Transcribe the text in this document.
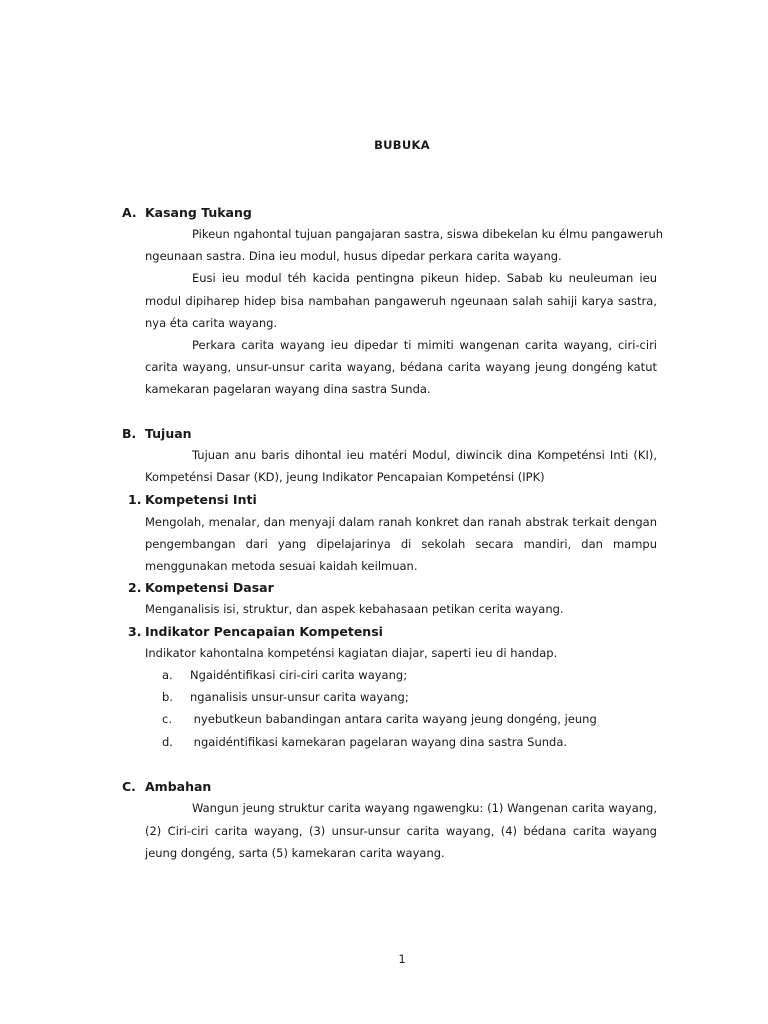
BUBUKA
A. Kasang Tukang
Pikeun ngahontal tujuan pangajaran sastra, siswa dibekelan ku élmu pangaweruh
ngeunaan sastra. Dina ieu modul, husus dipedar perkara carita wayang.
Eusi ieu modul téh kacida pentingna pikeun hidep. Sabab ku neuleuman ieu
modul dipiharep hidep bisa nambahan pangaweruh ngeunaan salah sahiji karya sastra,
nya éta carita wayang.
Perkara carita wayang ieu dipedar ti mimiti wangenan carita wayang, ciri-ciri
carita wayang, unsur-unsur carita wayang, bédana carita wayang jeung dongéng katut
kamekaran pagelaran wayang dina sastra Sunda.
B. Tujuan
Tujuan anu baris dihontal ieu matéri Modul, diwincik dina Kompeténsi Inti (KI),
Kompeténsi Dasar (KD), jeung Indikator Pencapaian Kompeténsi (IPK)
1. Kompetensi Inti
Mengolah, menalar, dan menyaji dalam ranah konkret dan ranah abstrak terkait dengan
pengembangan dari yang dipelajarinya di sekolah secara mandiri, dan mampu
menggunakan metoda sesuai kaidah keilmuan.
2. Kompetensi Dasar
Menganalisis isi, struktur, dan aspek kebahasaan petikan cerita wayang.
3. Indikator Pencapaian Kompetensi
Indikator kahontalna kompeténsi kagiatan diajar, saperti ieu di handap.
a. Ngaidéntifikasi ciri-ciri carita wayang;
b. nganalisis unsur-unsur carita wayang;
c. nyebutkeun babandingan antara carita wayang jeung dongéng, jeung
d. ngaidéntifikasi kamekaran pagelaran wayang dina sastra Sunda.
C. Ambahan
Wangun jeung struktur carita wayang ngawengku: (1) Wangenan carita wayang,
(2) Ciri-ciri carita wayang, (3) unsur-unsur carita wayang, (4) bédana carita wayang
jeung dongéng, sarta (5) kamekaran carita wayang.
1
